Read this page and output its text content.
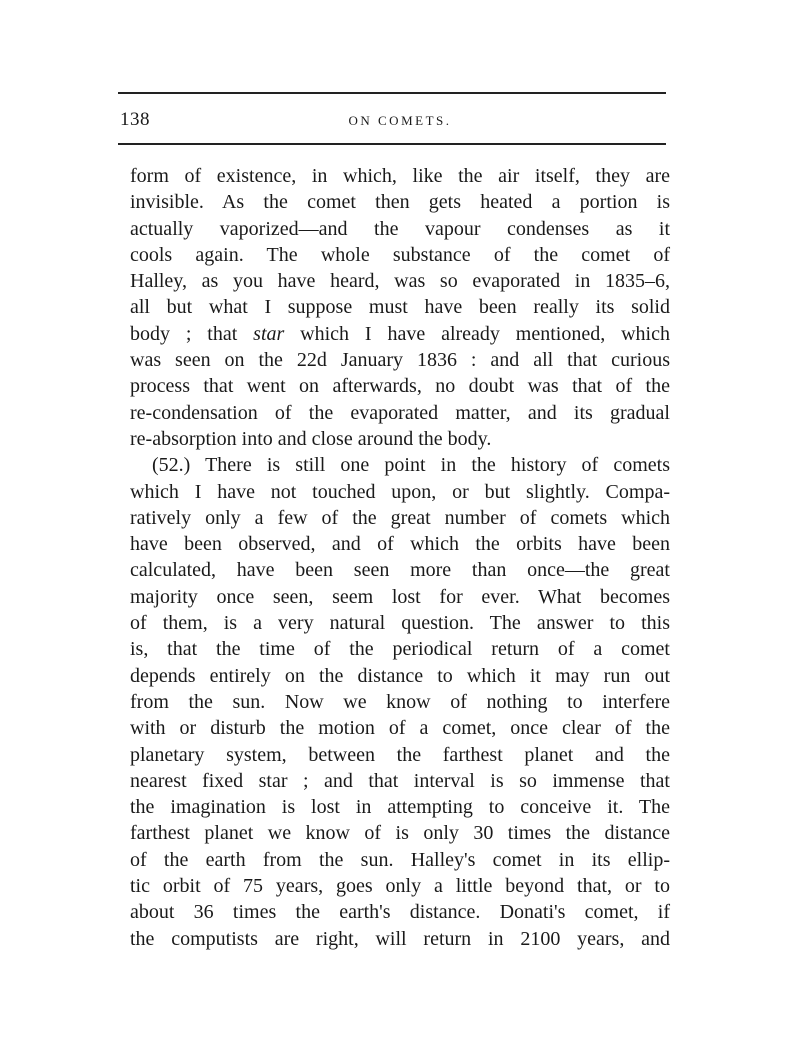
138	ON COMETS.
form of existence, in which, like the air itself, they are
invisible. As the comet then gets heated a portion is
actually vaporized—and the vapour condenses as it
cools again. The whole substance of the comet of
Halley, as you have heard, was so evaporated in 1835–6,
all but what I suppose must have been really its solid
body ; that star which I have already mentioned, which
was seen on the 22d January 1836 : and all that curious
process that went on afterwards, no doubt was that of the
re-condensation of the evaporated matter, and its gradual
re-absorption into and close around the body.
(52.) There is still one point in the history of comets
which I have not touched upon, or but slightly. Compa-
ratively only a few of the great number of comets which
have been observed, and of which the orbits have been
calculated, have been seen more than once—the great
majority once seen, seem lost for ever. What becomes
of them, is a very natural question. The answer to this
is, that the time of the periodical return of a comet
depends entirely on the distance to which it may run out
from the sun. Now we know of nothing to interfere
with or disturb the motion of a comet, once clear of the
planetary system, between the farthest planet and the
nearest fixed star ; and that interval is so immense that
the imagination is lost in attempting to conceive it. The
farthest planet we know of is only 30 times the distance
of the earth from the sun. Halley's comet in its ellip-
tic orbit of 75 years, goes only a little beyond that, or to
about 36 times the earth's distance. Donati's comet, if
the computists are right, will return in 2100 years, and
